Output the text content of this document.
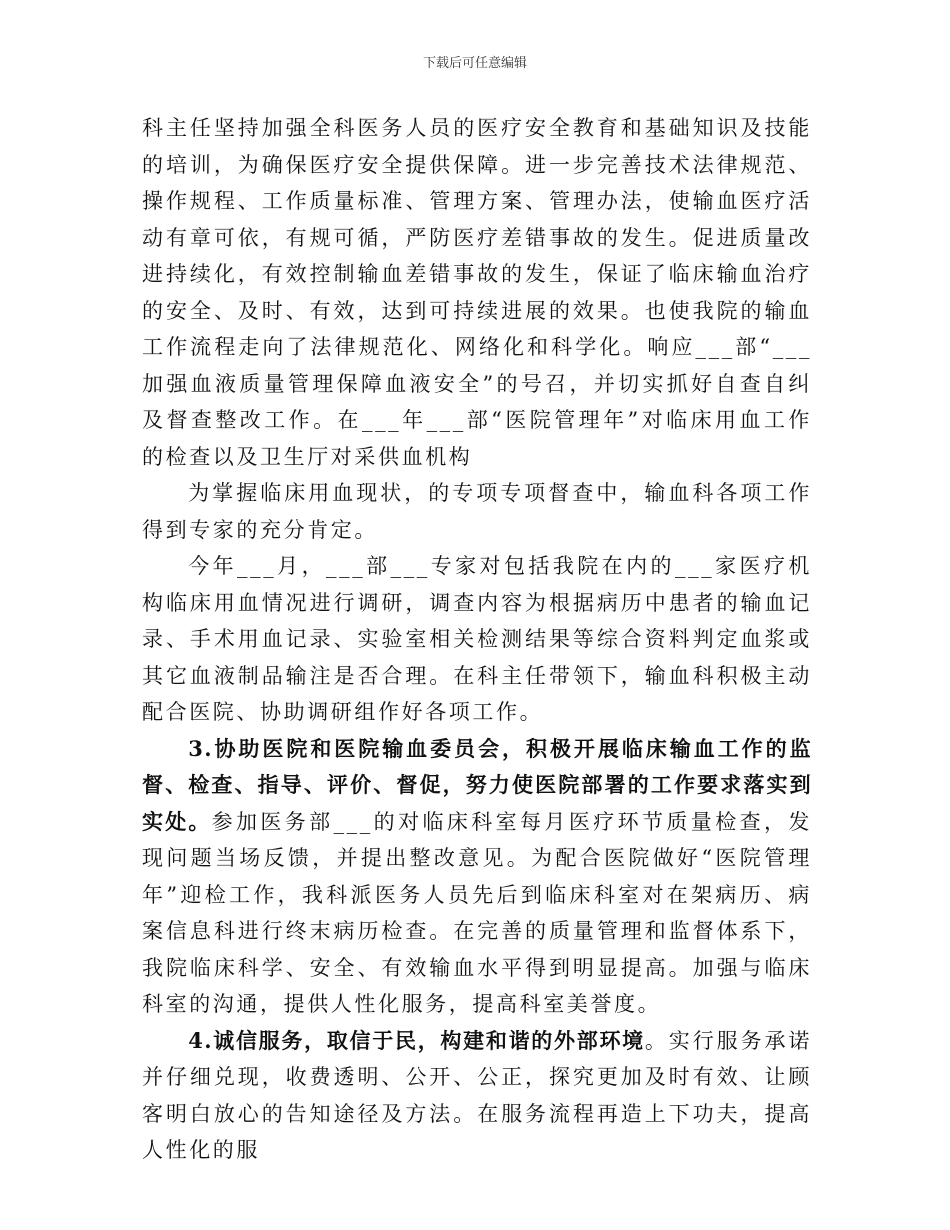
下载后可任意编辑

科主任坚持加强全科医务人员的医疗安全教育和基础知识及技能的培训，为确保医疗安全提供保障。进一步完善技术法律规范、操作规程、工作质量标准、管理方案、管理办法，使输血医疗活动有章可依，有规可循，严防医疗差错事故的发生。促进质量改进持续化，有效控制输血差错事故的发生，保证了临床输血治疗的安全、及时、有效，达到可持续进展的效果。也使我院的输血工作流程走向了法律规范化、网络化和科学化。响应___部“___加强血液质量管理保障血液安全”的号召，并切实抓好自查自纠及督查整改工作。在___年___部“医院管理年”对临床用血工作的检查以及卫生厅对采供血机构

为掌握临床用血现状，的专项专项督查中，输血科各项工作得到专家的充分肯定。

今年___月，___部___专家对包括我院在内的___家医疗机构临床用血情况进行调研，调查内容为根据病历中患者的输血记录、手术用血记录、实验室相关检测结果等综合资料判定血浆或其它血液制品输注是否合理。在科主任带领下，输血科积极主动配合医院、协助调研组作好各项工作。

3.协助医院和医院输血委员会，积极开展临床输血工作的监督、检查、指导、评价、督促，努力使医院部署的工作要求落实到实处。参加医务部___的对临床科室每月医疗环节质量检查，发现问题当场反馈，并提出整改意见。为配合医院做好“医院管理年”迎检工作，我科派医务人员先后到临床科室对在架病历、病案信息科进行终末病历检查。在完善的质量管理和监督体系下，我院临床科学、安全、有效输血水平得到明显提高。加强与临床科室的沟通，提供人性化服务，提高科室美誉度。

4.诚信服务，取信于民，构建和谐的外部环境。实行服务承诺并仔细兑现，收费透明、公开、公正，探究更加及时有效、让顾客明白放心的告知途径及方法。在服务流程再造上下功夫，提高人性化的服
